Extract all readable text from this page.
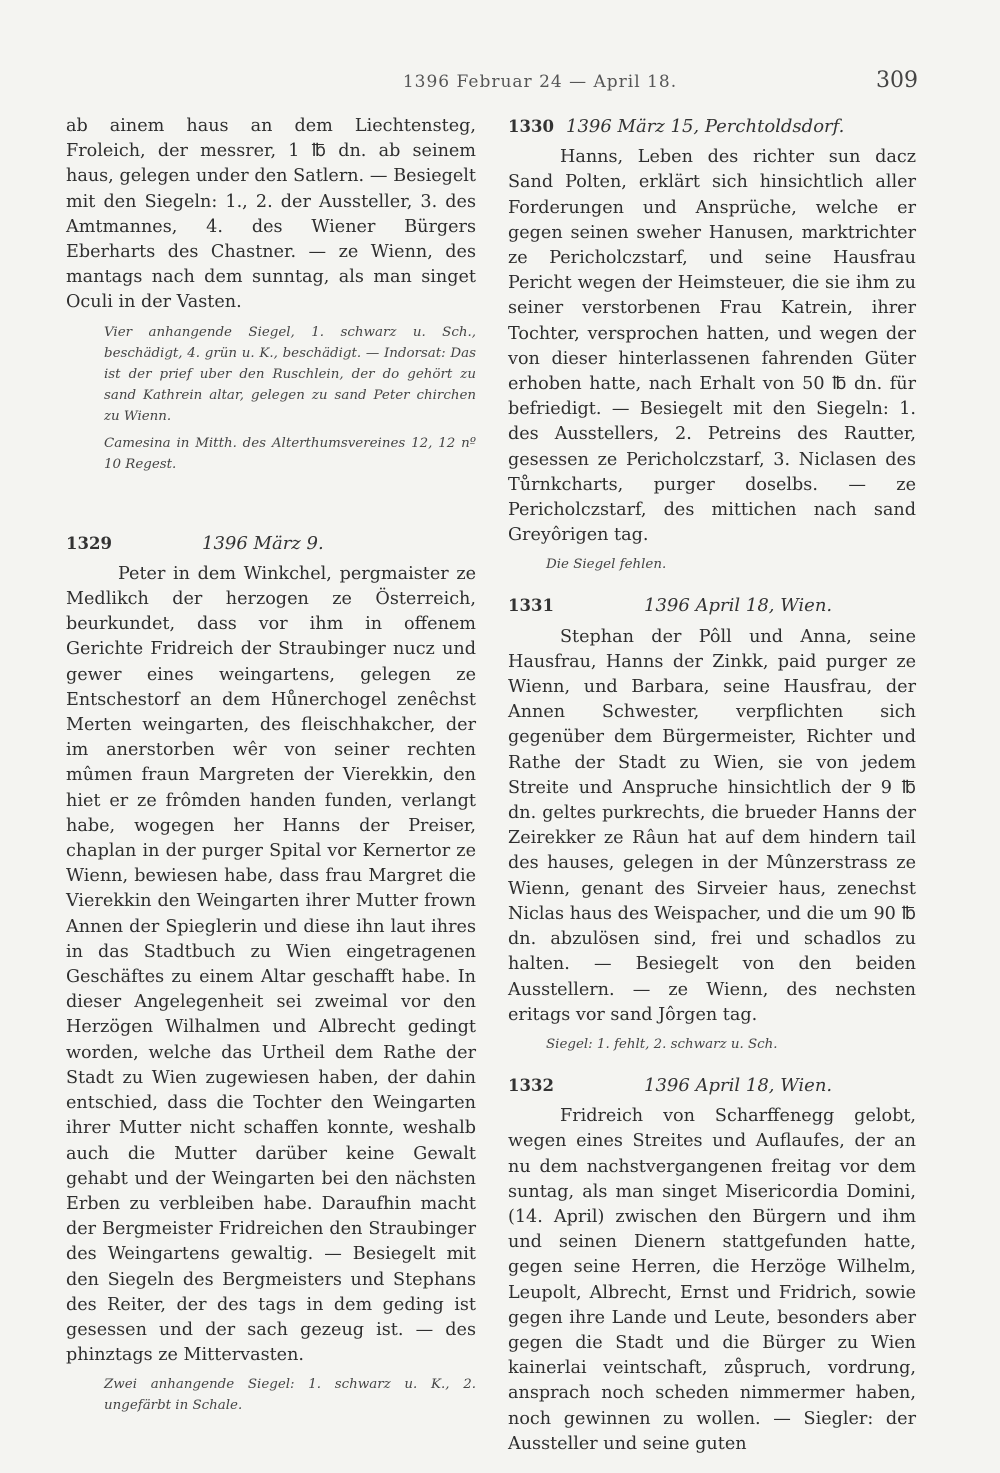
1396 Februar 24 — April 18.	309

ab ainem haus an dem Liechtensteg, Froleich, der messrer, 1 ℔ dn. ab seinem haus, gelegen under den Satlern. — Besiegelt mit den Siegeln: 1., 2. der Aussteller, 3. des Amtmannes, 4. des Wiener Bürgers Eberharts des Chastner. — ze Wienn, des mantags nach dem sunntag, als man singet Oculi in der Vasten.

Vier anhangende Siegel, 1. schwarz u. Sch., beschädigt, 4. grün u. K., beschädigt. — Indorsat: Das ist der prief uber den Ruschlein, der do gehört zu sand Kathrein altar, gelegen zu sand Peter chirchen zu Wienn.

Camesina in Mitth. des Alterthumsvereines 12, 12 nº 10 Regest.

1329	1396 März 9.

Peter in dem Winkchel, pergmaister ze Medlikch der herzogen ze Österreich, beurkundet, dass vor ihm in offenem Gerichte Fridreich der Straubinger nucz und gewer eines weingartens, gelegen ze Entschestorf an dem Hůnerchogel zenêchst Merten weingarten, des fleischhakcher, der im anerstorben wêr von seiner rechten mûmen fraun Margreten der Vierekkin, den hiet er ze frômden handen funden, verlangt habe, wogegen her Hanns der Preiser, chaplan in der purger Spital vor Kernertor ze Wienn, bewiesen habe, dass frau Margret die Vierekkin den Weingarten ihrer Mutter frown Annen der Spieglerin und diese ihn laut ihres in das Stadtbuch zu Wien eingetragenen Geschäftes zu einem Altar geschafft habe. In dieser Angelegenheit sei zweimal vor den Herzögen Wilhalmen und Albrecht gedingt worden, welche das Urtheil dem Rathe der Stadt zu Wien zugewiesen haben, der dahin entschied, dass die Tochter den Weingarten ihrer Mutter nicht schaffen konnte, weshalb auch die Mutter darüber keine Gewalt gehabt und der Weingarten bei den nächsten Erben zu verbleiben habe. Daraufhin macht der Bergmeister Fridreichen den Straubinger des Weingartens gewaltig. — Besiegelt mit den Siegeln des Bergmeisters und Stephans des Reiter, der des tags in dem geding ist gesessen und der sach gezeug ist. — des phinztags ze Mittervasten.

Zwei anhangende Siegel: 1. schwarz u. K., 2. ungefärbt in Schale.

1330 1396 März 15, Perchtoldsdorf.

Hanns, Leben des richter sun dacz Sand Polten, erklärt sich hinsichtlich aller Forderungen und Ansprüche, welche er gegen seinen sweher Hanusen, marktrichter ze Pericholczstarf, und seine Hausfrau Pericht wegen der Heimsteuer, die sie ihm zu seiner verstorbenen Frau Katrein, ihrer Tochter, versprochen hatten, und wegen der von dieser hinterlassenen fahrenden Güter erhoben hatte, nach Erhalt von 50 ℔ dn. für befriedigt. — Besiegelt mit den Siegeln: 1. des Ausstellers, 2. Petreins des Rautter, gesessen ze Pericholczstarf, 3. Niclasen des Tůrnkcharts, purger doselbs. — ze Pericholczstarf, des mittichen nach sand Greyôrigen tag.

Die Siegel fehlen.

1331	1396 April 18, Wien.

Stephan der Pôll und Anna, seine Hausfrau, Hanns der Zinkk, paid purger ze Wienn, und Barbara, seine Hausfrau, der Annen Schwester, verpflichten sich gegenüber dem Bürgermeister, Richter und Rathe der Stadt zu Wien, sie von jedem Streite und Anspruche hinsichtlich der 9 ℔ dn. geltes purkrechts, die brueder Hanns der Zeirekker ze Râun hat auf dem hindern tail des hauses, gelegen in der Mûnzerstrass ze Wienn, genant des Sirveier haus, zenechst Niclas haus des Weispacher, und die um 90 ℔ dn. abzulösen sind, frei und schadlos zu halten. — Besiegelt von den beiden Ausstellern. — ze Wienn, des nechsten eritags vor sand Jôrgen tag.

Siegel: 1. fehlt, 2. schwarz u. Sch.

1332	1396 April 18, Wien.

Fridreich von Scharffenegg gelobt, wegen eines Streites und Auflaufes, der an nu dem nachstvergangenen freitag vor dem suntag, als man singet Misericordia Domini, (14. April) zwischen den Bürgern und ihm und seinen Dienern stattgefunden hatte, gegen seine Herren, die Herzöge Wilhelm, Leupolt, Albrecht, Ernst und Fridrich, sowie gegen ihre Lande und Leute, besonders aber gegen die Stadt und die Bürger zu Wien kainerlai veintschaft, zůspruch, vordrung, ansprach noch scheden nimmermer haben, noch gewinnen zu wollen. — Siegler: der Aussteller und seine guten
